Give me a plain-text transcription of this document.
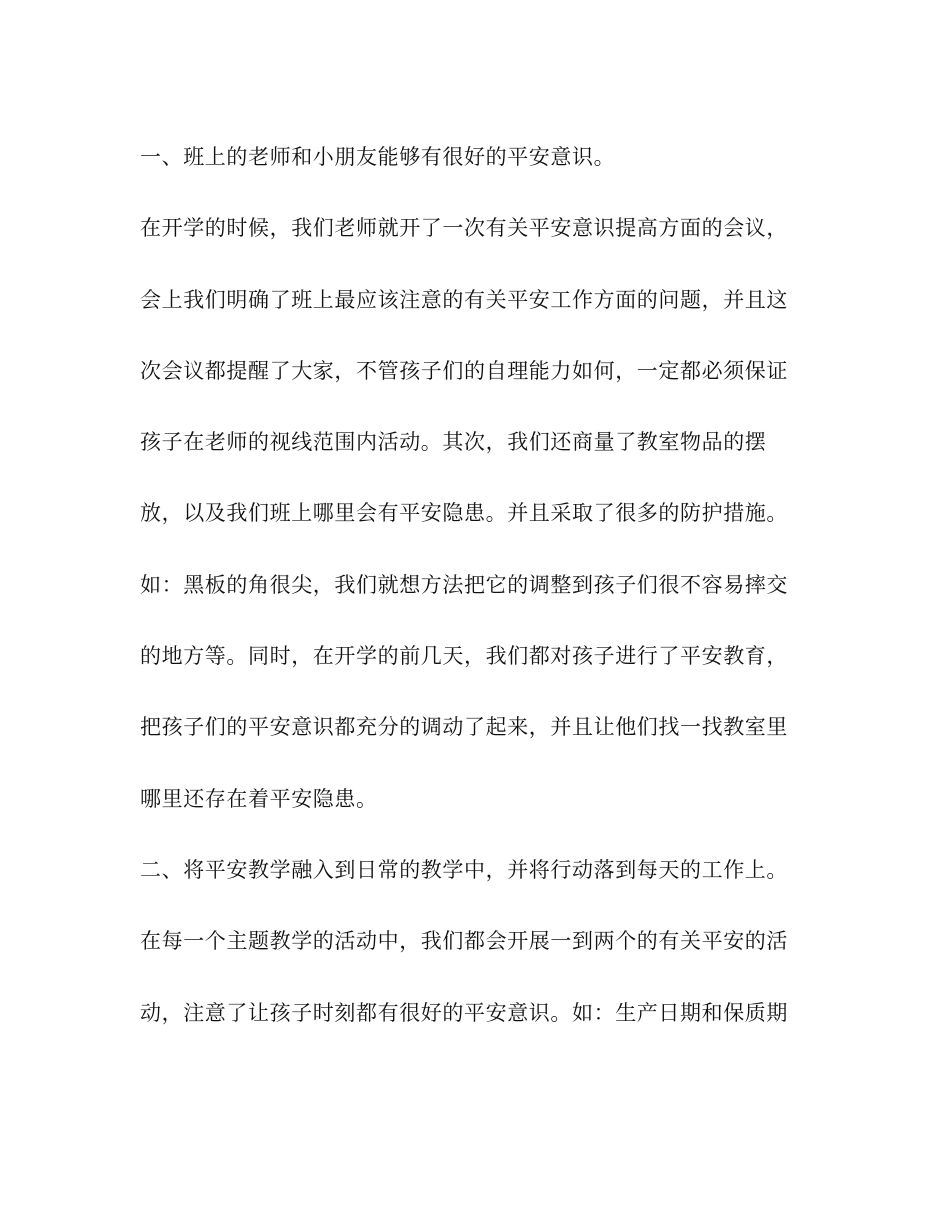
一、班上的老师和小朋友能够有很好的平安意识。
在开学的时候，我们老师就开了一次有关平安意识提高方面的会议，
会上我们明确了班上最应该注意的有关平安工作方面的问题，并且这
次会议都提醒了大家，不管孩子们的自理能力如何，一定都必须保证
孩子在老师的视线范围内活动。其次，我们还商量了教室物品的摆
放，以及我们班上哪里会有平安隐患。并且采取了很多的防护措施。
如：黑板的角很尖，我们就想方法把它的调整到孩子们很不容易摔交
的地方等。同时，在开学的前几天，我们都对孩子进行了平安教育，
把孩子们的平安意识都充分的调动了起来，并且让他们找一找教室里
哪里还存在着平安隐患。
二、将平安教学融入到日常的教学中，并将行动落到每天的工作上。
在每一个主题教学的活动中，我们都会开展一到两个的有关平安的活
动，注意了让孩子时刻都有很好的平安意识。如：生产日期和保质期
